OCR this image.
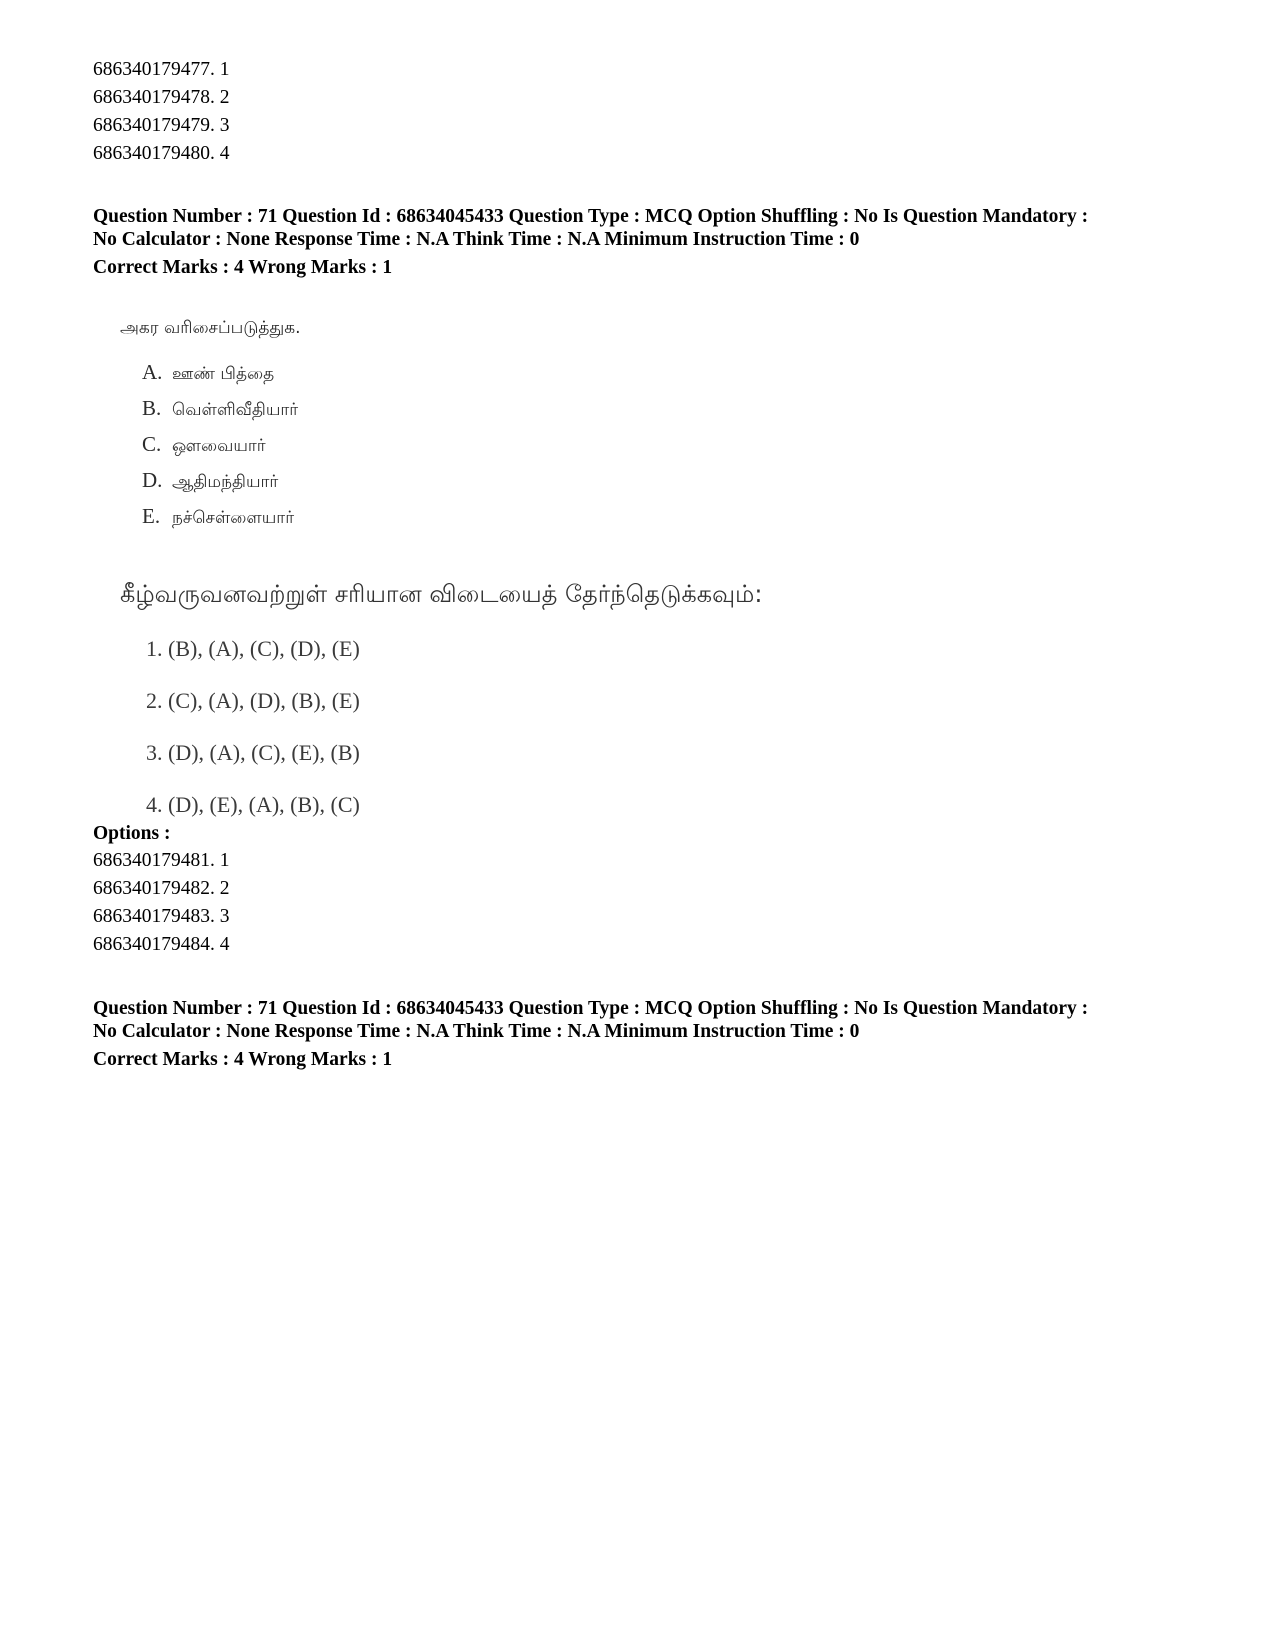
686340179477. 1
686340179478. 2
686340179479. 3
686340179480. 4
Question Number : 71 Question Id : 68634045433 Question Type : MCQ Option Shuffling : No Is Question Mandatory :
No Calculator : None Response Time : N.A Think Time : N.A Minimum Instruction Time : 0
Correct Marks : 4 Wrong Marks : 1
அகர வரிசைப்படுத்துக.
A. ஊண் பித்தை
B. வெள்ளிவீதியார்
C. ஔவையார்
D. ஆதிமந்தியார்
E. நச்செள்ளையார்
கீழ்வருவனவற்றுள் சரியான விடையைத் தேர்ந்தெடுக்கவும்:
1. (B), (A), (C), (D), (E)
2. (C), (A), (D), (B), (E)
3. (D), (A), (C), (E), (B)
4. (D), (E), (A), (B), (C)
Options :
686340179481. 1
686340179482. 2
686340179483. 3
686340179484. 4
Question Number : 71 Question Id : 68634045433 Question Type : MCQ Option Shuffling : No Is Question Mandatory :
No Calculator : None Response Time : N.A Think Time : N.A Minimum Instruction Time : 0
Correct Marks : 4 Wrong Marks : 1
